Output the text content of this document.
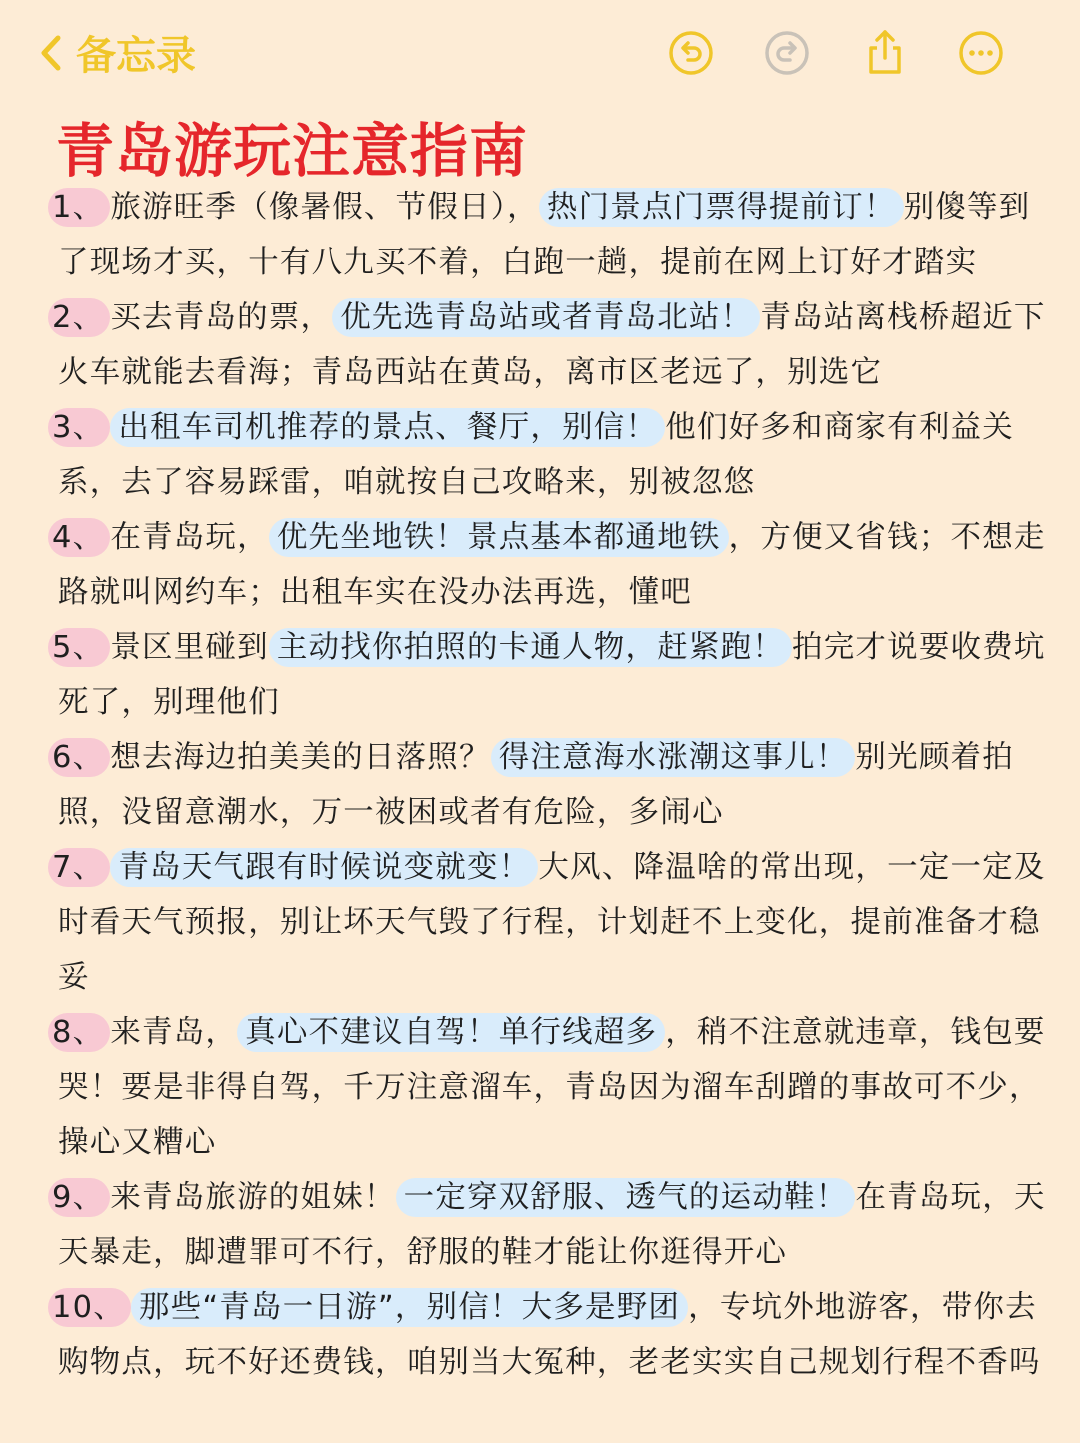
备忘录
青岛游玩注意指南

1、 旅游旺季（像暑假、节假日）， 热门景点门票得提前订！ 别傻等到了现场才买，十有八九买不着，白跑一趟，提前在网上订好才踏实

2、 买去青岛的票， 优先选青岛站或者青岛北站！ 青岛站离栈桥超近下火车就能去看海；青岛西站在黄岛，离市区老远了，别选它

3、 出租车司机推荐的景点、餐厅，别信！ 他们好多和商家有利益关系，去了容易踩雷，咱就按自己攻略来，别被忽悠

4、 在青岛玩， 优先坐地铁！景点基本都通地铁 ，方便又省钱；不想走路就叫网约车；出租车实在没办法再选，懂吧

5、 景区里碰到 主动找你拍照的卡通人物，赶紧跑！ 拍完才说要收费坑死了，别理他们

6、 想去海边拍美美的日落照？ 得注意海水涨潮这事儿！ 别光顾着拍照，没留意潮水，万一被困或者有危险，多闹心

7、 青岛天气跟有时候说变就变！ 大风、降温啥的常出现，一定一定及时看天气预报，别让坏天气毁了行程，计划赶不上变化，提前准备才稳妥

8、 来青岛， 真心不建议自驾！单行线超多 ，稍不注意就违章，钱包要哭！要是非得自驾，千万注意溜车，青岛因为溜车刮蹭的事故可不少，操心又糟心

9、 来青岛旅游的姐妹！ 一定穿双舒服、透气的运动鞋！ 在青岛玩，天天暴走，脚遭罪可不行，舒服的鞋才能让你逛得开心

10、 那些“青岛一日游”，别信！大多是野团 ，专坑外地游客，带你去购物点，玩不好还费钱，咱别当大冤种，老老实实自己规划行程不香吗
